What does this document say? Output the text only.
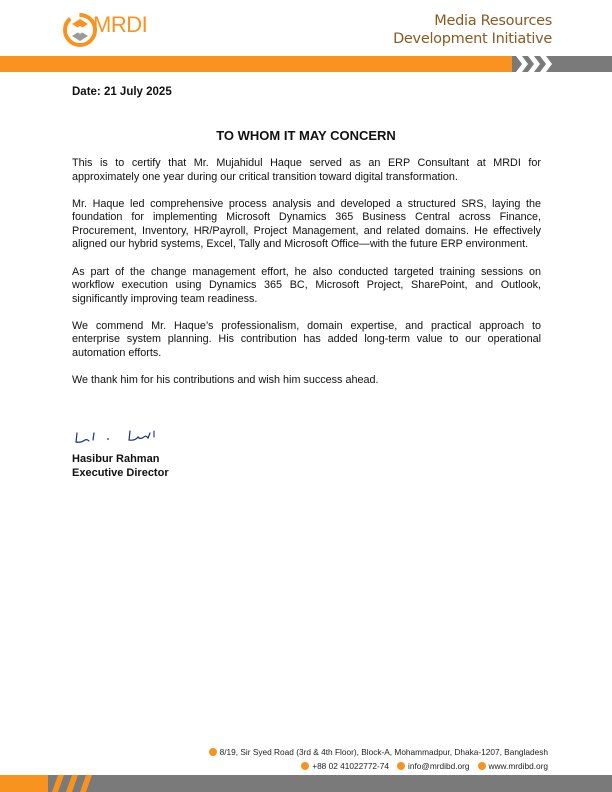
MRDI	Media Resources
Development Initiative
Date: 21 July 2025
TO WHOM IT MAY CONCERN

This is to certify that Mr. Mujahidul Haque served as an ERP Consultant at MRDI for approximately one year during our critical transition toward digital transformation.

Mr. Haque led comprehensive process analysis and developed a structured SRS, laying the foundation for implementing Microsoft Dynamics 365 Business Central across Finance, Procurement, Inventory, HR/Payroll, Project Management, and related domains. He effectively aligned our hybrid systems, Excel, Tally and Microsoft Office—with the future ERP environment.

As part of the change management effort, he also conducted targeted training sessions on workflow execution using Dynamics 365 BC, Microsoft Project, SharePoint, and Outlook, significantly improving team readiness.

We commend Mr. Haque’s professionalism, domain expertise, and practical approach to enterprise system planning. His contribution has added long-term value to our operational automation efforts.

We thank him for his contributions and wish him success ahead.

Hasibur Rahman
Executive Director
8/19, Sir Syed Road (3rd & 4th Floor), Block-A, Mohammadpur, Dhaka-1207, Bangladesh
+88 02 41022772-74 info@mrdibd.org www.mrdibd.org
